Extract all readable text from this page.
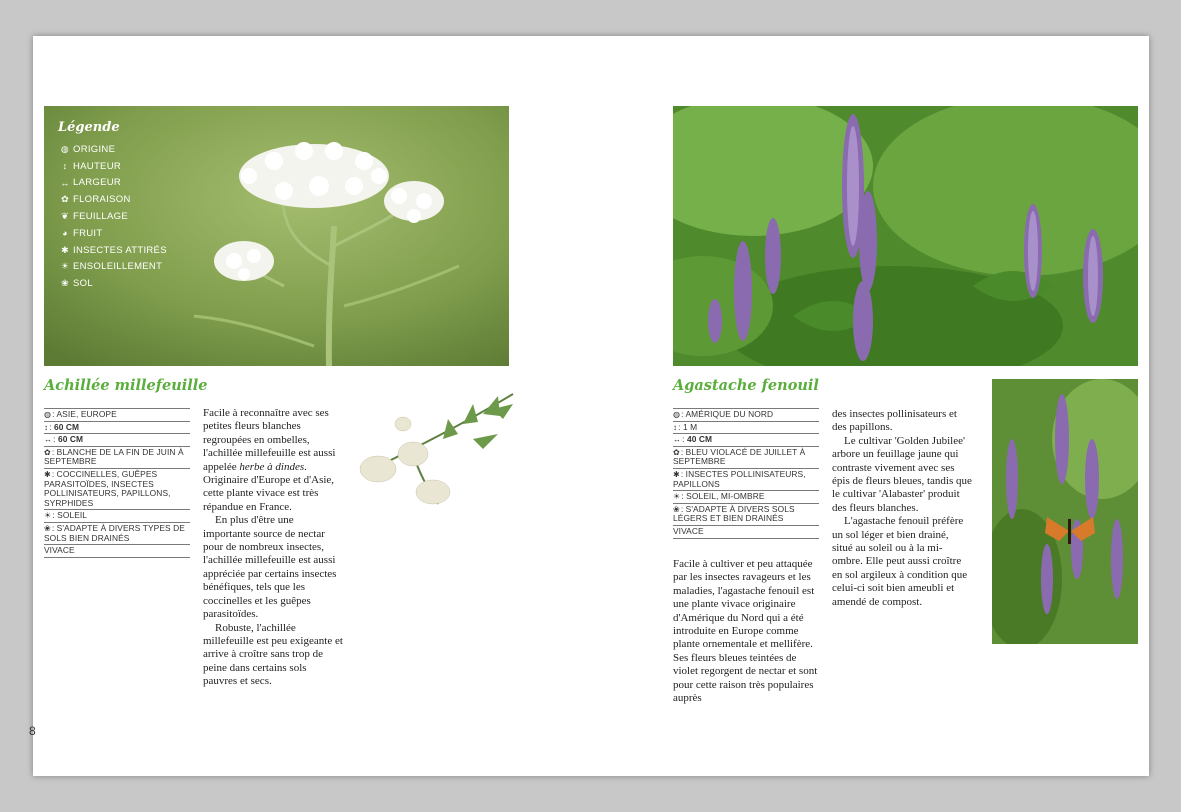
Légende
◍ ORIGINE
↕ HAUTEUR
↔ LARGEUR
✿ FLORAISON
❦ FEUILLAGE
◕ FRUIT
✱ INSECTES ATTIRÉS
☀ ENSOLEILLEMENT
❀ SOL
Achillée millefeuille
◍: ASIE, EUROPE
↕: 60 CM
↔: 60 CM
✿: BLANCHE DE LA FIN DE JUIN À SEPTEMBRE
✱: COCCINELLES, GUÊPES PARASITOÏDES, INSECTES POLLINISATEURS, PAPILLONS, SYRPHIDES
☀: SOLEIL
❀: S'ADAPTE À DIVERS TYPES DE SOLS BIEN DRAINÉS
VIVACE

Facile à reconnaître avec ses petites fleurs blanches regroupées en ombelles, l'achillée millefeuille est aussi appelée herbe à dindes. Originaire d'Europe et d'Asie, cette plante vivace est très répandue en France.

En plus d'être une importante source de nectar pour de nombreux insectes, l'achillée millefeuille est aussi appréciée par certains insectes bénéfiques, tels que les coccinelles et les guêpes parasitoïdes.

Robuste, l'achillée millefeuille est peu exigeante et arrive à croître sans trop de peine dans certains sols pauvres et secs.

8
Agastache fenouil
◍: AMÉRIQUE DU NORD
↕: 1 M
↔: 40 CM
✿: BLEU VIOLACÉ DE JUILLET À SEPTEMBRE
✱: INSECTES POLLINISATEURS, PAPILLONS
☀: SOLEIL, MI-OMBRE
❀: S'ADAPTE À DIVERS SOLS LÉGERS ET BIEN DRAINÉS
VIVACE

Facile à cultiver et peu attaquée par les insectes ravageurs et les maladies, l'agastache fenouil est une plante vivace originaire d'Amérique du Nord qui a été introduite en Europe comme plante ornementale et mellifère. Ses fleurs bleues teintées de violet regorgent de nectar et sont pour cette raison très populaires auprès

des insectes pollinisateurs et des papillons.

Le cultivar 'Golden Jubilee' arbore un feuillage jaune qui contraste vivement avec ses épis de fleurs bleues, tandis que le cultivar 'Alabaster' produit des fleurs blanches.

L'agastache fenouil préfère un sol léger et bien drainé, situé au soleil ou à la mi-ombre. Elle peut aussi croître en sol argileux à condition que celui-ci soit bien ameubli et amendé de compost.
